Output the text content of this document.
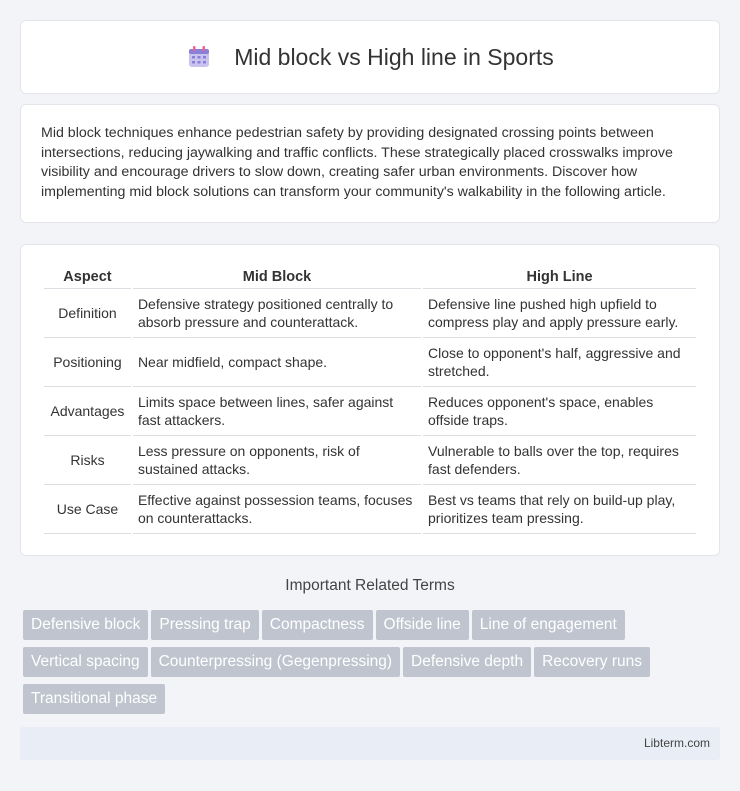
Mid block vs High line in Sports

Mid block techniques enhance pedestrian safety by providing designated crossing points between intersections, reducing jaywalking and traffic conflicts. These strategically placed crosswalks improve visibility and encourage drivers to slow down, creating safer urban environments. Discover how implementing mid block solutions can transform your community's walkability in the following article.

Aspect	Mid Block	High Line
Definition	Defensive strategy positioned centrally to absorb pressure and counterattack.	Defensive line pushed high upfield to compress play and apply pressure early.
Positioning	Near midfield, compact shape.	Close to opponent's half, aggressive and stretched.
Advantages	Limits space between lines, safer against fast attackers.	Reduces opponent's space, enables offside traps.
Risks	Less pressure on opponents, risk of sustained attacks.	Vulnerable to balls over the top, requires fast defenders.
Use Case	Effective against possession teams, focuses on counterattacks.	Best vs teams that rely on build-up play, prioritizes team pressing.
Important Related Terms
Defensive block	Pressing trap	Compactness	Offside line	Line of engagement
Vertical spacing	Counterpressing (Gegenpressing)	Defensive depth	Recovery runs
Transitional phase
Libterm.com
